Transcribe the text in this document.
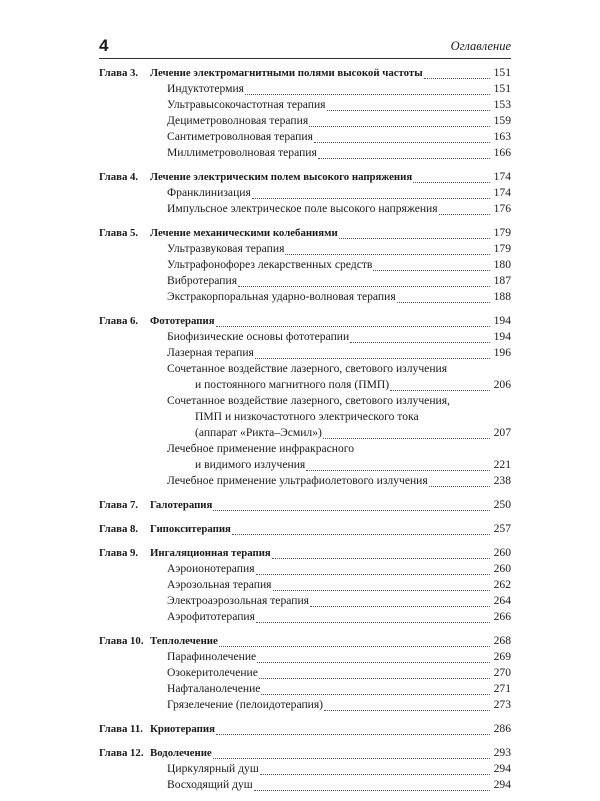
4	Оглавление
Глава 3.	Лечение электромагнитными полями высокой частоты	151
Индуктотермия	151
Ультравысокочастотная терапия	153
Дециметроволновая терапия	159
Сантиметроволновая терапия	163
Миллиметроволновая терапия	166
Глава 4.	Лечение электрическим полем высокого напряжения	174
Франклинизация	174
Импульсное электрическое поле высокого напряжения	176
Глава 5.	Лечение механическими колебаниями	179
Ультразвуковая терапия	179
Ультрафонофорез лекарственных средств	180
Вибротерапия	187
Экстракорпоральная ударно-волновая терапия	188
Глава 6.	Фототерапия	194
Биофизические основы фототерапии	194
Лазерная терапия	196
Сочетанное воздействие лазерного, светового излучения
и постоянного магнитного поля (ПМП)	206
Сочетанное воздействие лазерного, светового излучения,
ПМП и низкочастотного электрического тока
(аппарат «Рикта–Эсмил»)	207
Лечебное применение инфракрасного
и видимого излучения	221
Лечебное применение ультрафиолетового излучения	238
Глава 7.	Галотерапия	250
Глава 8.	Гипокситерапия	257
Глава 9.	Ингаляционная терапия	260
Аэроионотерапия	260
Аэрозольная терапия	262
Электроаэрозольная терапия	264
Аэрофитотерапия	266
Глава 10. Теплолечение	268
Парафинолечение	269
Озокеритолечение	270
Нафталанолечение	271
Грязелечение (пелоидотерапия)	273
Глава 11. Криотерапия	286
Глава 12. Водолечение	293
Циркулярный душ	294
Восходящий душ	294
